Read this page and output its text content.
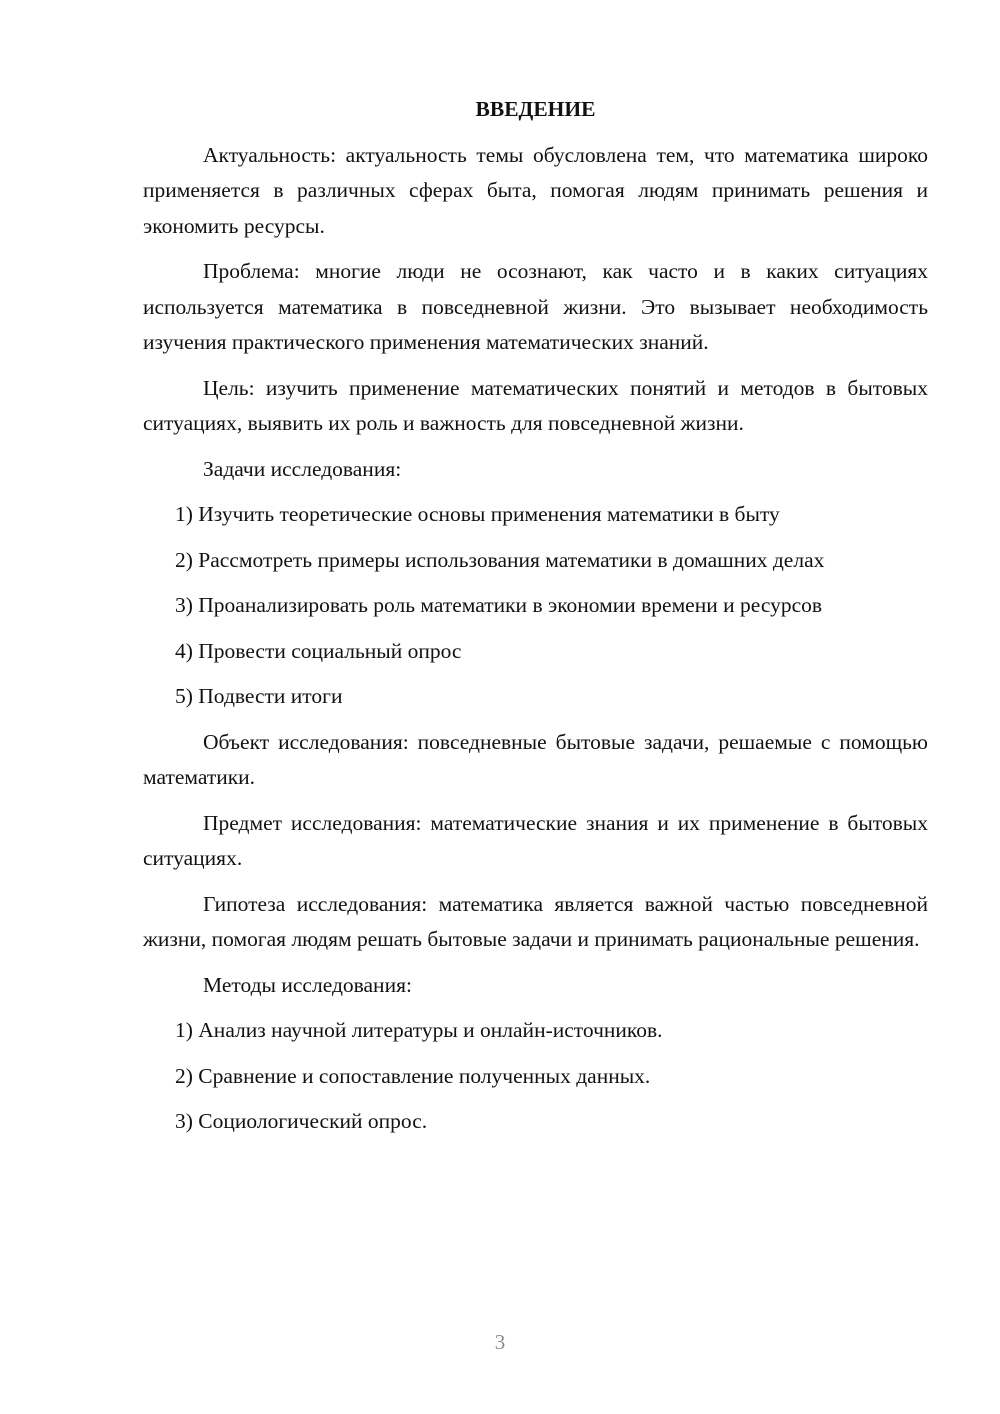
ВВЕДЕНИЕ

Актуальность: актуальность темы обусловлена тем, что математика широко применяется в различных сферах быта, помогая людям принимать решения и экономить ресурсы.

Проблема: многие люди не осознают, как часто и в каких ситуациях используется математика в повседневной жизни. Это вызывает необходимость изучения практического применения математических знаний.

Цель: изучить применение математических понятий и методов в бытовых ситуациях, выявить их роль и важность для повседневной жизни.

Задачи исследования:

1) Изучить теоретические основы применения математики в быту

2) Рассмотреть примеры использования математики в домашних делах

3) Проанализировать роль математики в экономии времени и ресурсов

4) Провести социальный опрос

5) Подвести итоги

Объект исследования: повседневные бытовые задачи, решаемые с помощью математики.

Предмет исследования: математические знания и их применение в бытовых ситуациях.

Гипотеза исследования: математика является важной частью повседневной жизни, помогая людям решать бытовые задачи и принимать рациональные решения.

Методы исследования:

1) Анализ научной литературы и онлайн-источников.

2) Сравнение и сопоставление полученных данных.

3) Социологический опрос.

3
